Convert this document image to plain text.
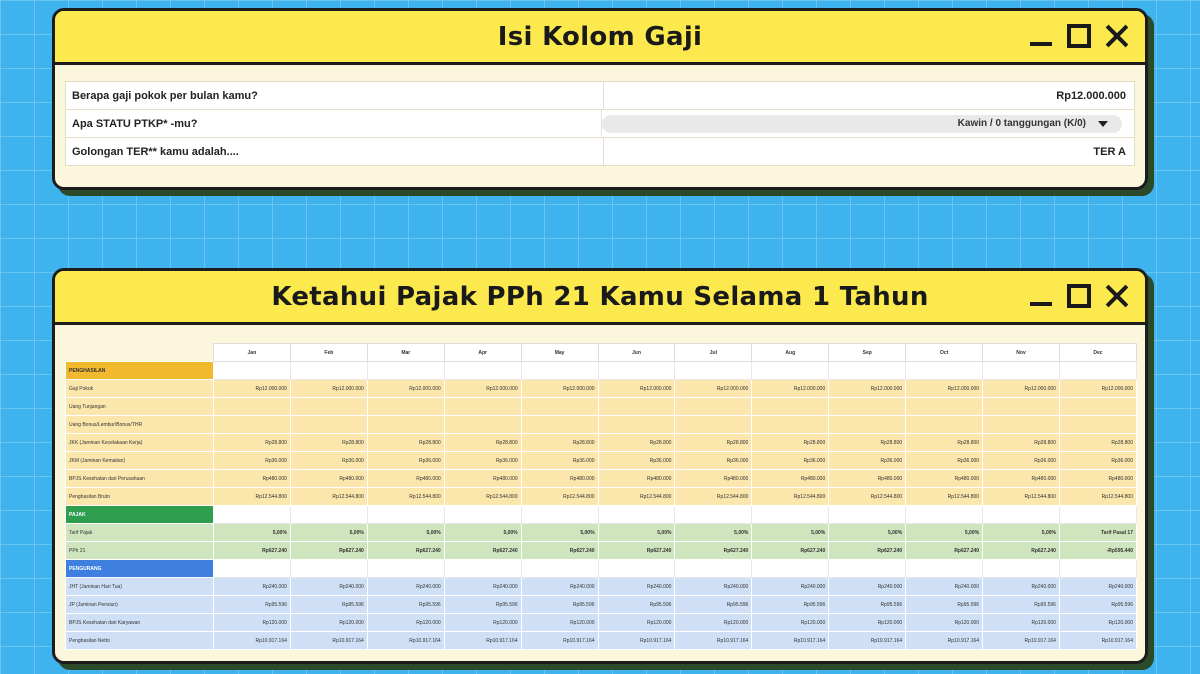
Isi Kolom Gaji
Berapa gaji pokok per bulan kamu?	Rp12.000.000
Apa STATU PTKP* -mu?	Kawin / 0 tanggungan (K/0)
Golongan TER** kamu adalah....	TER A
Ketahui Pajak PPh 21 Kamu Selama 1 Tahun
	Jan	Feb	Mar	Apr	May	Jun	Jul	Aug	Sep	Oct	Nov	Dec
PENGHASILAN												
Gaji Pokok	Rp12.000.000	Rp12.000.000	Rp12.000.000	Rp12.000.000	Rp12.000.000	Rp12.000.000	Rp12.000.000	Rp12.000.000	Rp12.000.000	Rp12.000.000	Rp12.000.000	Rp12.000.000
Uang Tunjangan												
Uang Bonus/Lembur/Bonus/THR												
JKK (Jaminan Kecelakaan Kerja)	Rp28.800	Rp28.800	Rp28.800	Rp28.800	Rp28.800	Rp28.800	Rp28.800	Rp28.800	Rp28.800	Rp28.800	Rp28.800	Rp28.800
JKM (Jaminan Kematian)	Rp36.000	Rp36.000	Rp36.000	Rp36.000	Rp36.000	Rp36.000	Rp36.000	Rp36.000	Rp36.000	Rp36.000	Rp36.000	Rp36.000
BPJS Kesehatan dari Perusahaan	Rp480.000	Rp480.000	Rp480.000	Rp480.000	Rp480.000	Rp480.000	Rp480.000	Rp480.000	Rp480.000	Rp480.000	Rp480.000	Rp480.000
Penghasilan Bruto	Rp12.544.800	Rp12.544.800	Rp12.544.800	Rp12.544.800	Rp12.544.800	Rp12.544.800	Rp12.544.800	Rp12.544.800	Rp12.544.800	Rp12.544.800	Rp12.544.800	Rp12.544.800
PAJAK												
Tarif Pajak	5,00%	5,00%	5,00%	5,00%	5,00%	5,00%	5,00%	5,00%	5,00%	5,00%	5,00%	Tarif Pasal 17
PPh 21	Rp627.240	Rp627.240	Rp627.240	Rp627.240	Rp627.240	Rp627.240	Rp627.240	Rp627.240	Rp627.240	Rp627.240	Rp627.240	-Rp595.440
PENGURANG												
JHT (Jaminan Hari Tua)	Rp240.000	Rp240.000	Rp240.000	Rp240.000	Rp240.000	Rp240.000	Rp240.000	Rp240.000	Rp240.000	Rp240.000	Rp240.000	Rp240.000
JP (Jaminan Pensiun)	Rp95.596	Rp95.596	Rp95.596	Rp95.596	Rp95.596	Rp95.596	Rp95.596	Rp95.596	Rp95.596	Rp95.596	Rp95.596	Rp95.596
BPJS Kesehatan dari Karyawan	Rp120.000	Rp120.000	Rp120.000	Rp120.000	Rp120.000	Rp120.000	Rp120.000	Rp120.000	Rp120.000	Rp120.000	Rp120.000	Rp120.000
Penghasilan Netto	Rp10.917.164	Rp10.917.164	Rp10.917.164	Rp10.917.164	Rp10.917.164	Rp10.917.164	Rp10.917.164	Rp10.917.164	Rp10.917.164	Rp10.917.164	Rp10.917.164	Rp10.917.164
